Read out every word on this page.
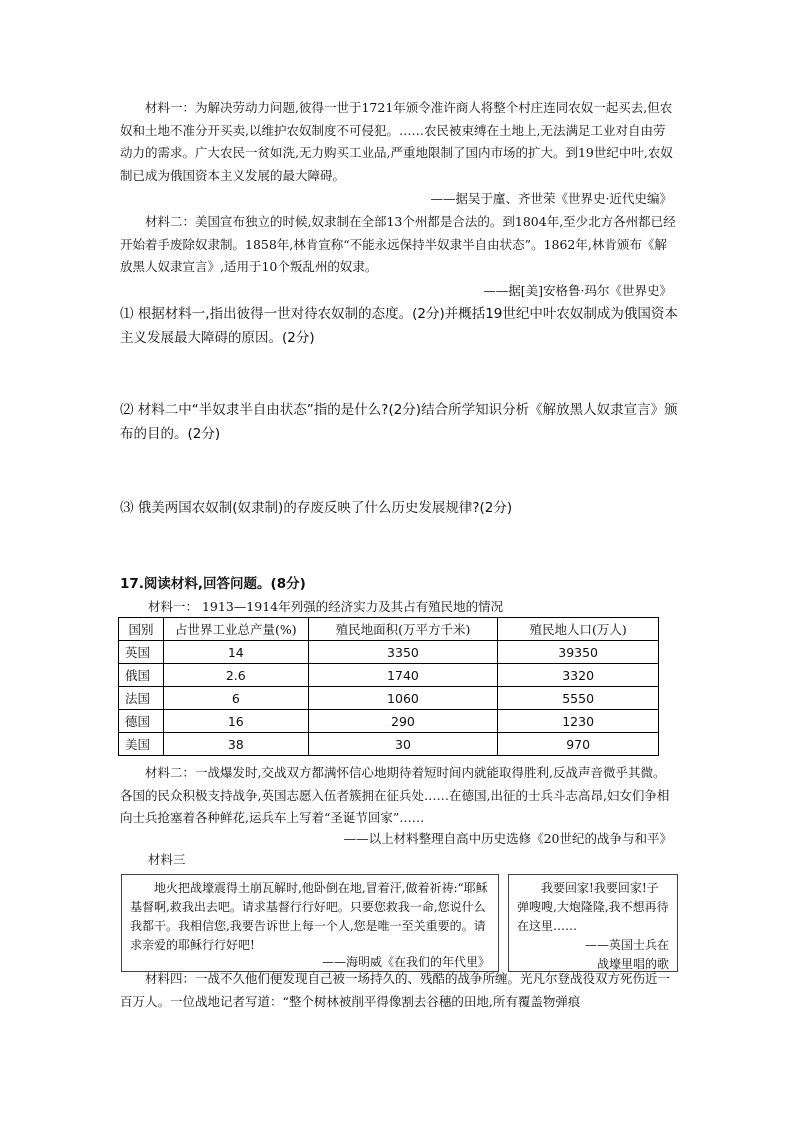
材料一：为解决劳动力问题,彼得一世于1721年颁令准许商人将整个村庄连同农奴一起买去,但农奴和土地不准分开买卖,以维护农奴制度不可侵犯。……农民被束缚在土地上,无法满足工业对自由劳动力的需求。广大农民一贫如洗,无力购买工业品,严重地限制了国内市场的扩大。到19世纪中叶,农奴制已成为俄国资本主义发展的最大障碍。

——据吴于廑、齐世荣《世界史·近代史编》

材料二：美国宣布独立的时候,奴隶制在全部13个州都是合法的。到1804年,至少北方各州都已经开始着手废除奴隶制。1858年,林肯宣称“不能永远保持半奴隶半自由状态”。1862年,林肯颁布《解放黑人奴隶宣言》,适用于10个叛乱州的奴隶。

——据[美]安格鲁·玛尔《世界史》

⑴ 根据材料一,指出彼得一世对待农奴制的态度。(2分)并概括19世纪中叶农奴制成为俄国资本主义发展最大障碍的原因。(2分)

⑵ 材料二中“半奴隶半自由状态”指的是什么?(2分)结合所学知识分析《解放黑人奴隶宣言》颁布的目的。(2分)

⑶ 俄美两国农奴制(奴隶制)的存废反映了什么历史发展规律?(2分)

17.阅读材料,回答问题。(8分)
材料一： 1913—1914年列强的经济实力及其占有殖民地的情况
国别	占世界工业总产量(%)	殖民地面积(万平方千米)	殖民地人口(万人)
英国	14	3350	39350
俄国	2.6	1740	3320
法国	6	1060	5550
德国	16	290	1230
美国	38	30	970

材料二：一战爆发时,交战双方都满怀信心地期待着短时间内就能取得胜利,反战声音微乎其微。各国的民众积极支持战争,英国志愿入伍者簇拥在征兵处……在德国,出征的士兵斗志高昂,妇女们争相向士兵抢塞着各种鲜花,运兵车上写着“圣诞节回家”……

——以上材料整理自高中历史选修《20世纪的战争与和平》
材料三
地火把战壕震得土崩瓦解时,他卧倒在地,冒着汗,做着祈祷:“耶稣基督啊,救我出去吧。请求基督行行好吧。只要您救我一命,您说什么我都干。我相信您,我要告诉世上每一个人,您是唯一至关重要的。请求亲爱的耶稣行行好吧!
——海明威《在我们的年代里》
我要回家!我要回家!子弹嗖嗖,大炮隆隆,我不想再待在这里……
——英国士兵在
战壕里唱的歌

材料四：一战不久他们便发现自己被一场持久的、残酷的战争所缠。光凡尔登战役双方死伤近一百万人。一位战地记者写道：“整个树林被削平得像割去谷穗的田地,所有覆盖物弹痕
